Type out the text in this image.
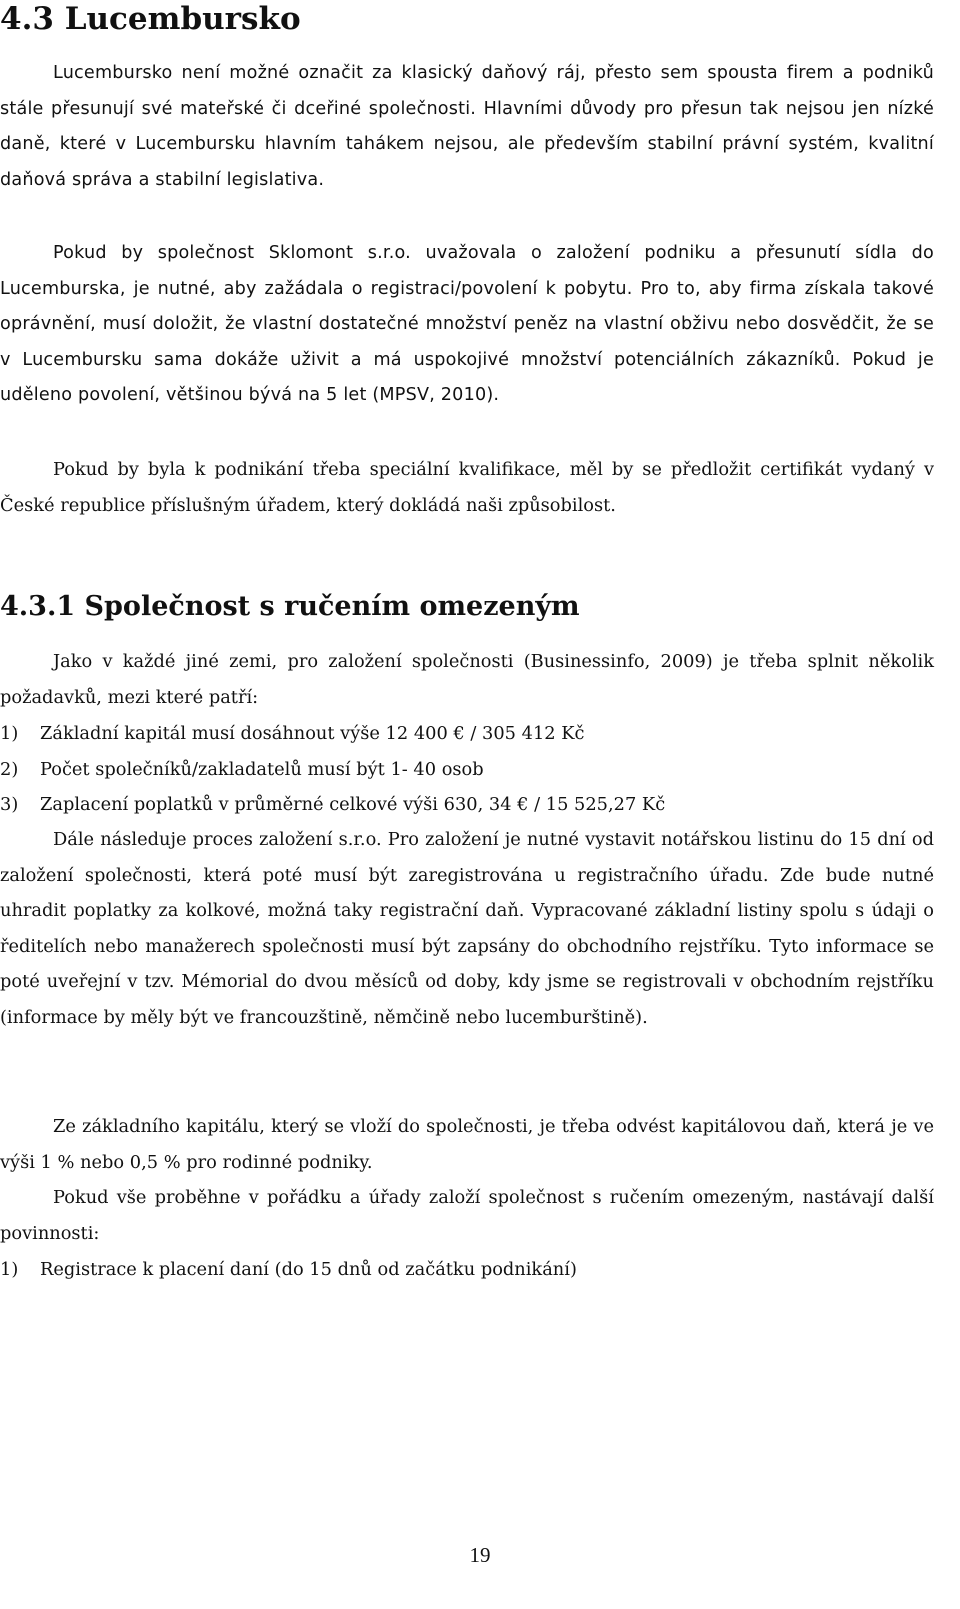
4.3 Lucembursko

Lucembursko není možné označit za klasický daňový ráj, přesto sem spousta firem a podniků stále přesunují své mateřské či dceřiné společnosti. Hlavními důvody pro přesun tak nejsou jen nízké daně, které v Lucembursku hlavním tahákem nejsou, ale především stabilní právní systém, kvalitní daňová správa a stabilní legislativa.

Pokud by společnost Sklomont s.r.o. uvažovala o založení podniku a přesunutí sídla do Lucemburska, je nutné, aby zažádala o registraci/povolení k pobytu. Pro to, aby firma získala takové oprávnění, musí doložit, že vlastní dostatečné množství peněz na vlastní obživu nebo dosvědčit, že se v Lucembursku sama dokáže uživit a má uspokojivé množství potenciálních zákazníků. Pokud je uděleno povolení, většinou bývá na 5 let (MPSV, 2010).

Pokud by byla k podnikání třeba speciální kvalifikace, měl by se předložit certifikát vydaný v České republice příslušným úřadem, který dokládá naši způsobilost.

4.3.1 Společnost s ručením omezeným

Jako v každé jiné zemi, pro založení společnosti (Businessinfo, 2009) je třeba splnit několik požadavků, mezi které patří:

1) Základní kapitál musí dosáhnout výše 12 400 € / 305 412 Kč

2) Počet společníků/zakladatelů musí být 1- 40 osob

3) Zaplacení poplatků v průměrné celkové výši 630, 34 € / 15 525,27 Kč

Dále následuje proces založení s.r.o. Pro založení je nutné vystavit notářskou listinu do 15 dní od založení společnosti, která poté musí být zaregistrována u registračního úřadu. Zde bude nutné uhradit poplatky za kolkové, možná taky registrační daň. Vypracované základní listiny spolu s údaji o ředitelích nebo manažerech společnosti musí být zapsány do obchodního rejstříku. Tyto informace se poté uveřejní v tzv. Mémorial do dvou měsíců od doby, kdy jsme se registrovali v obchodním rejstříku (informace by měly být ve francouzštině, němčině nebo lucemburštině).

Ze základního kapitálu, který se vloží do společnosti, je třeba odvést kapitálovou daň, která je ve výši 1 % nebo 0,5 % pro rodinné podniky.

Pokud vše proběhne v pořádku a úřady založí společnost s ručením omezeným, nastávají další povinnosti:

1) Registrace k placení daní (do 15 dnů od začátku podnikání)

19
